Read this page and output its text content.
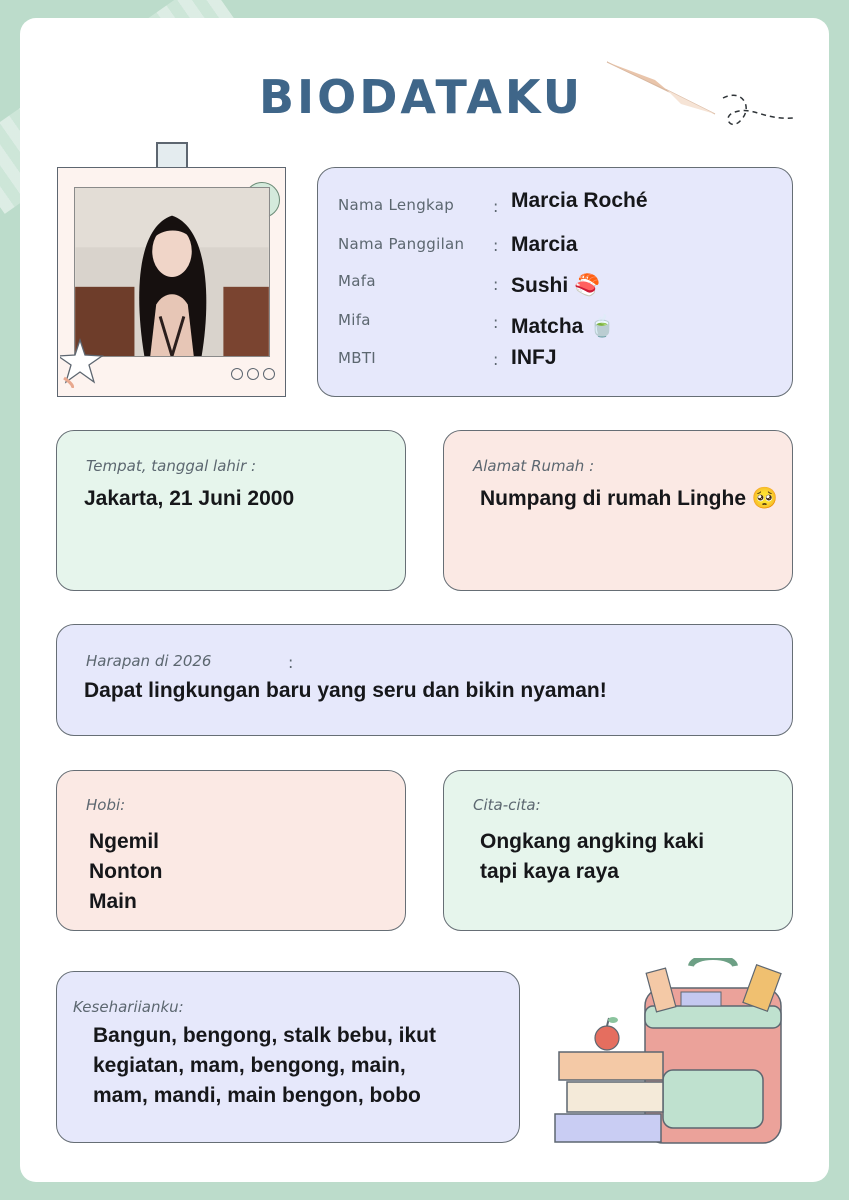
BIODATAKU
Nama Lengkap : Marcia Roché
Nama Panggilan : Marcia
Mafa	: Sushi 🍣
Mifa	: Matcha 🍵
MBTI	: INFJ
Tempat, tanggal lahir :
Jakarta, 21 Juni 2000
Alamat Rumah :
Numpang di rumah Linghe 🥺
Harapan di 2026	:
Dapat lingkungan baru yang seru dan bikin nyaman!
Hobi:
Ngemil
Nonton
Main
Cita-cita:
Ongkang angking kaki
tapi kaya raya
Kesehariianku:
Bangun, bengong, stalk bebu, ikut
kegiatan, mam, bengong, main,
mam, mandi, main bengon, bobo
